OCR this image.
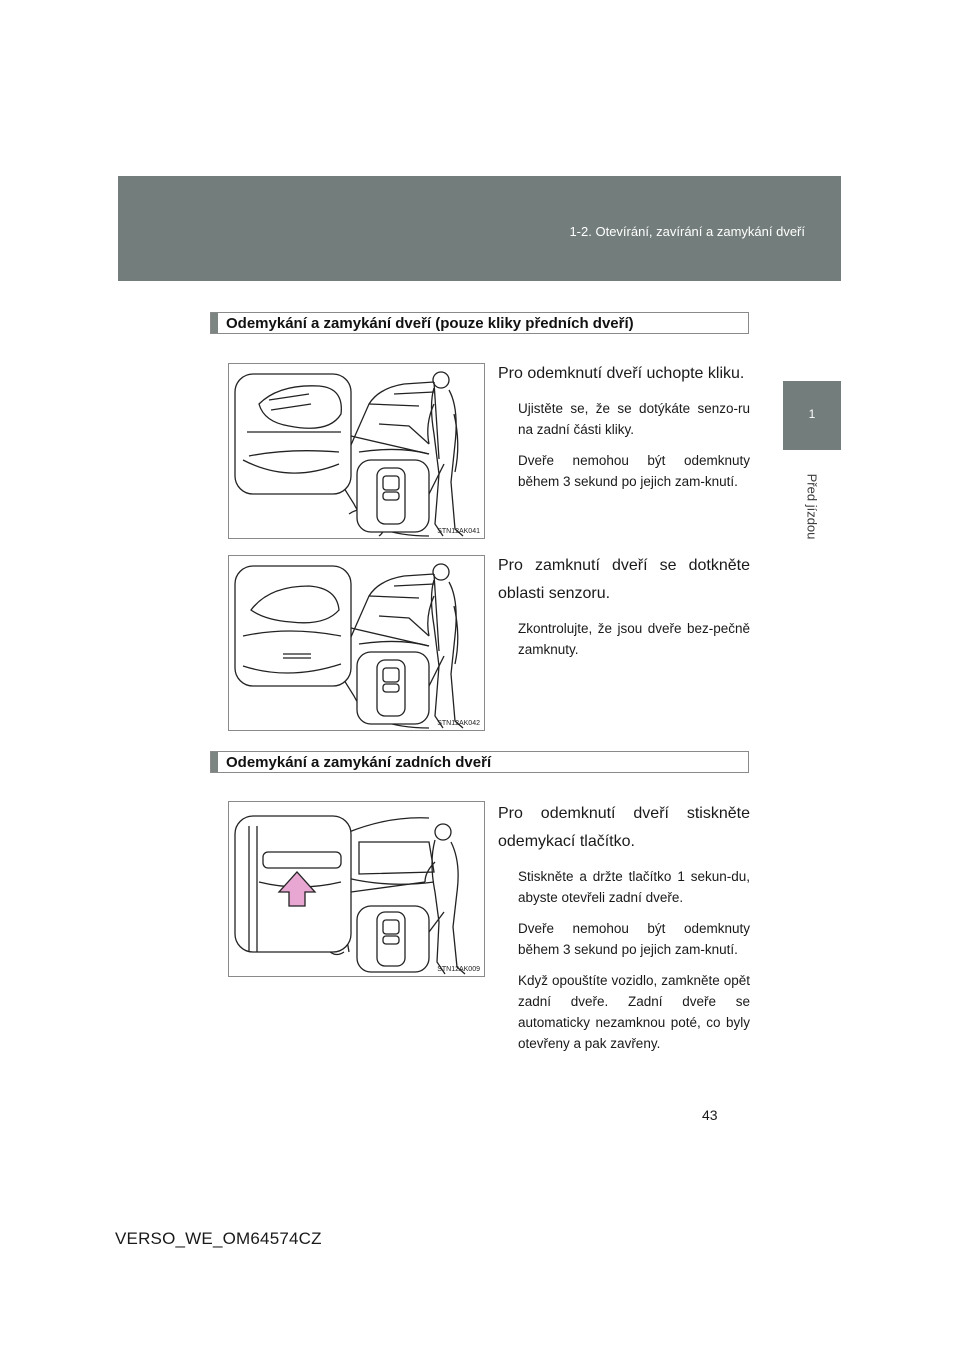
1-2. Otevírání, zavírání a zamykání dveří
1
Před jízdou
Odemykání a zamykání dveří (pouze kliky předních dveří)
STN12AK041

Pro odemknutí dveří uchopte kliku.

Ujistěte se, že se dotýkáte senzo-ru na zadní části kliky.

Dveře nemohou být odemknuty během 3 sekund po jejich zam-knutí.

STN12AK042

Pro zamknutí dveří se dotkněte oblasti senzoru.

Zkontrolujte, že jsou dveře bez-pečně zamknuty.

Odemykání a zamykání zadních dveří
STN12AK009

Pro odemknutí dveří stiskněte odemykací tlačítko.

Stiskněte a držte tlačítko 1 sekun-du, abyste otevřeli zadní dveře.

Dveře nemohou být odemknuty během 3 sekund po jejich zam-knutí.

Když opouštíte vozidlo, zamkněte opět zadní dveře. Zadní dveře se automaticky nezamknou poté, co byly otevřeny a pak zavřeny.

43
VERSO_WE_OM64574CZ
